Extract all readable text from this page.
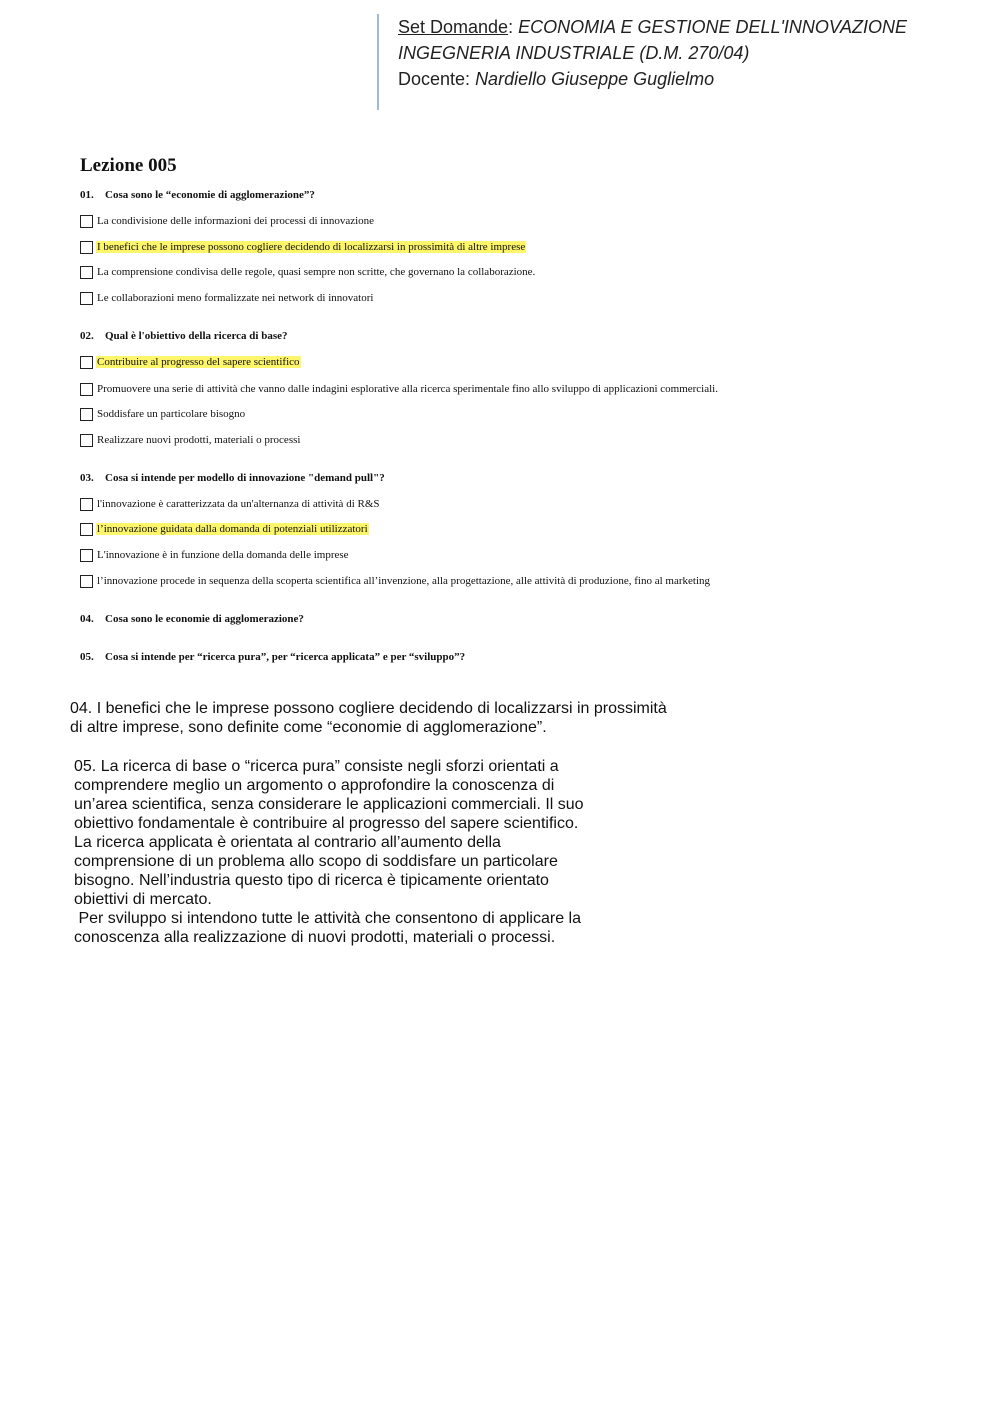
Set Domande: ECONOMIA E GESTIONE DELL'INNOVAZIONE
INGEGNERIA INDUSTRIALE (D.M. 270/04)
Docente: Nardiello Giuseppe Guglielmo
Lezione 005
01. Cosa sono le “economie di agglomerazione”?
La condivisione delle informazioni dei processi di innovazione
I benefici che le imprese possono cogliere decidendo di localizzarsi in prossimità di altre imprese
La comprensione condivisa delle regole, quasi sempre non scritte, che governano la collaborazione.
Le collaborazioni meno formalizzate nei network di innovatori
02. Qual è l'obiettivo della ricerca di base?
Contribuire al progresso del sapere scientifico
Promuovere una serie di attività che vanno dalle indagini esplorative alla ricerca sperimentale fino allo sviluppo di applicazioni commerciali.
Soddisfare un particolare bisogno
Realizzare nuovi prodotti, materiali o processi
03. Cosa si intende per modello di innovazione "demand pull"?
l'innovazione è caratterizzata da un'alternanza di attività di R&S
l’innovazione guidata dalla domanda di potenziali utilizzatori
L'innovazione è in funzione della domanda delle imprese
l’innovazione procede in sequenza della scoperta scientifica all’invenzione, alla progettazione, alle attività di produzione, fino al marketing
04. Cosa sono le economie di agglomerazione?
05. Cosa si intende per “ricerca pura”, per “ricerca applicata” e per “sviluppo”?
04. I benefici che le imprese possono cogliere decidendo di localizzarsi in prossimità
di altre imprese, sono definite come “economie di agglomerazione”.
05. La ricerca di base o “ricerca pura” consiste negli sforzi orientati a
comprendere meglio un argomento o approfondire la conoscenza di
un’area scientifica, senza considerare le applicazioni commerciali. Il suo
obiettivo fondamentale è contribuire al progresso del sapere scientifico.
La ricerca applicata è orientata al contrario all’aumento della
comprensione di un problema allo scopo di soddisfare un particolare
bisogno. Nell’industria questo tipo di ricerca è tipicamente orientato
obiettivi di mercato.
Per sviluppo si intendono tutte le attività che consentono di applicare la
conoscenza alla realizzazione di nuovi prodotti, materiali o processi.
